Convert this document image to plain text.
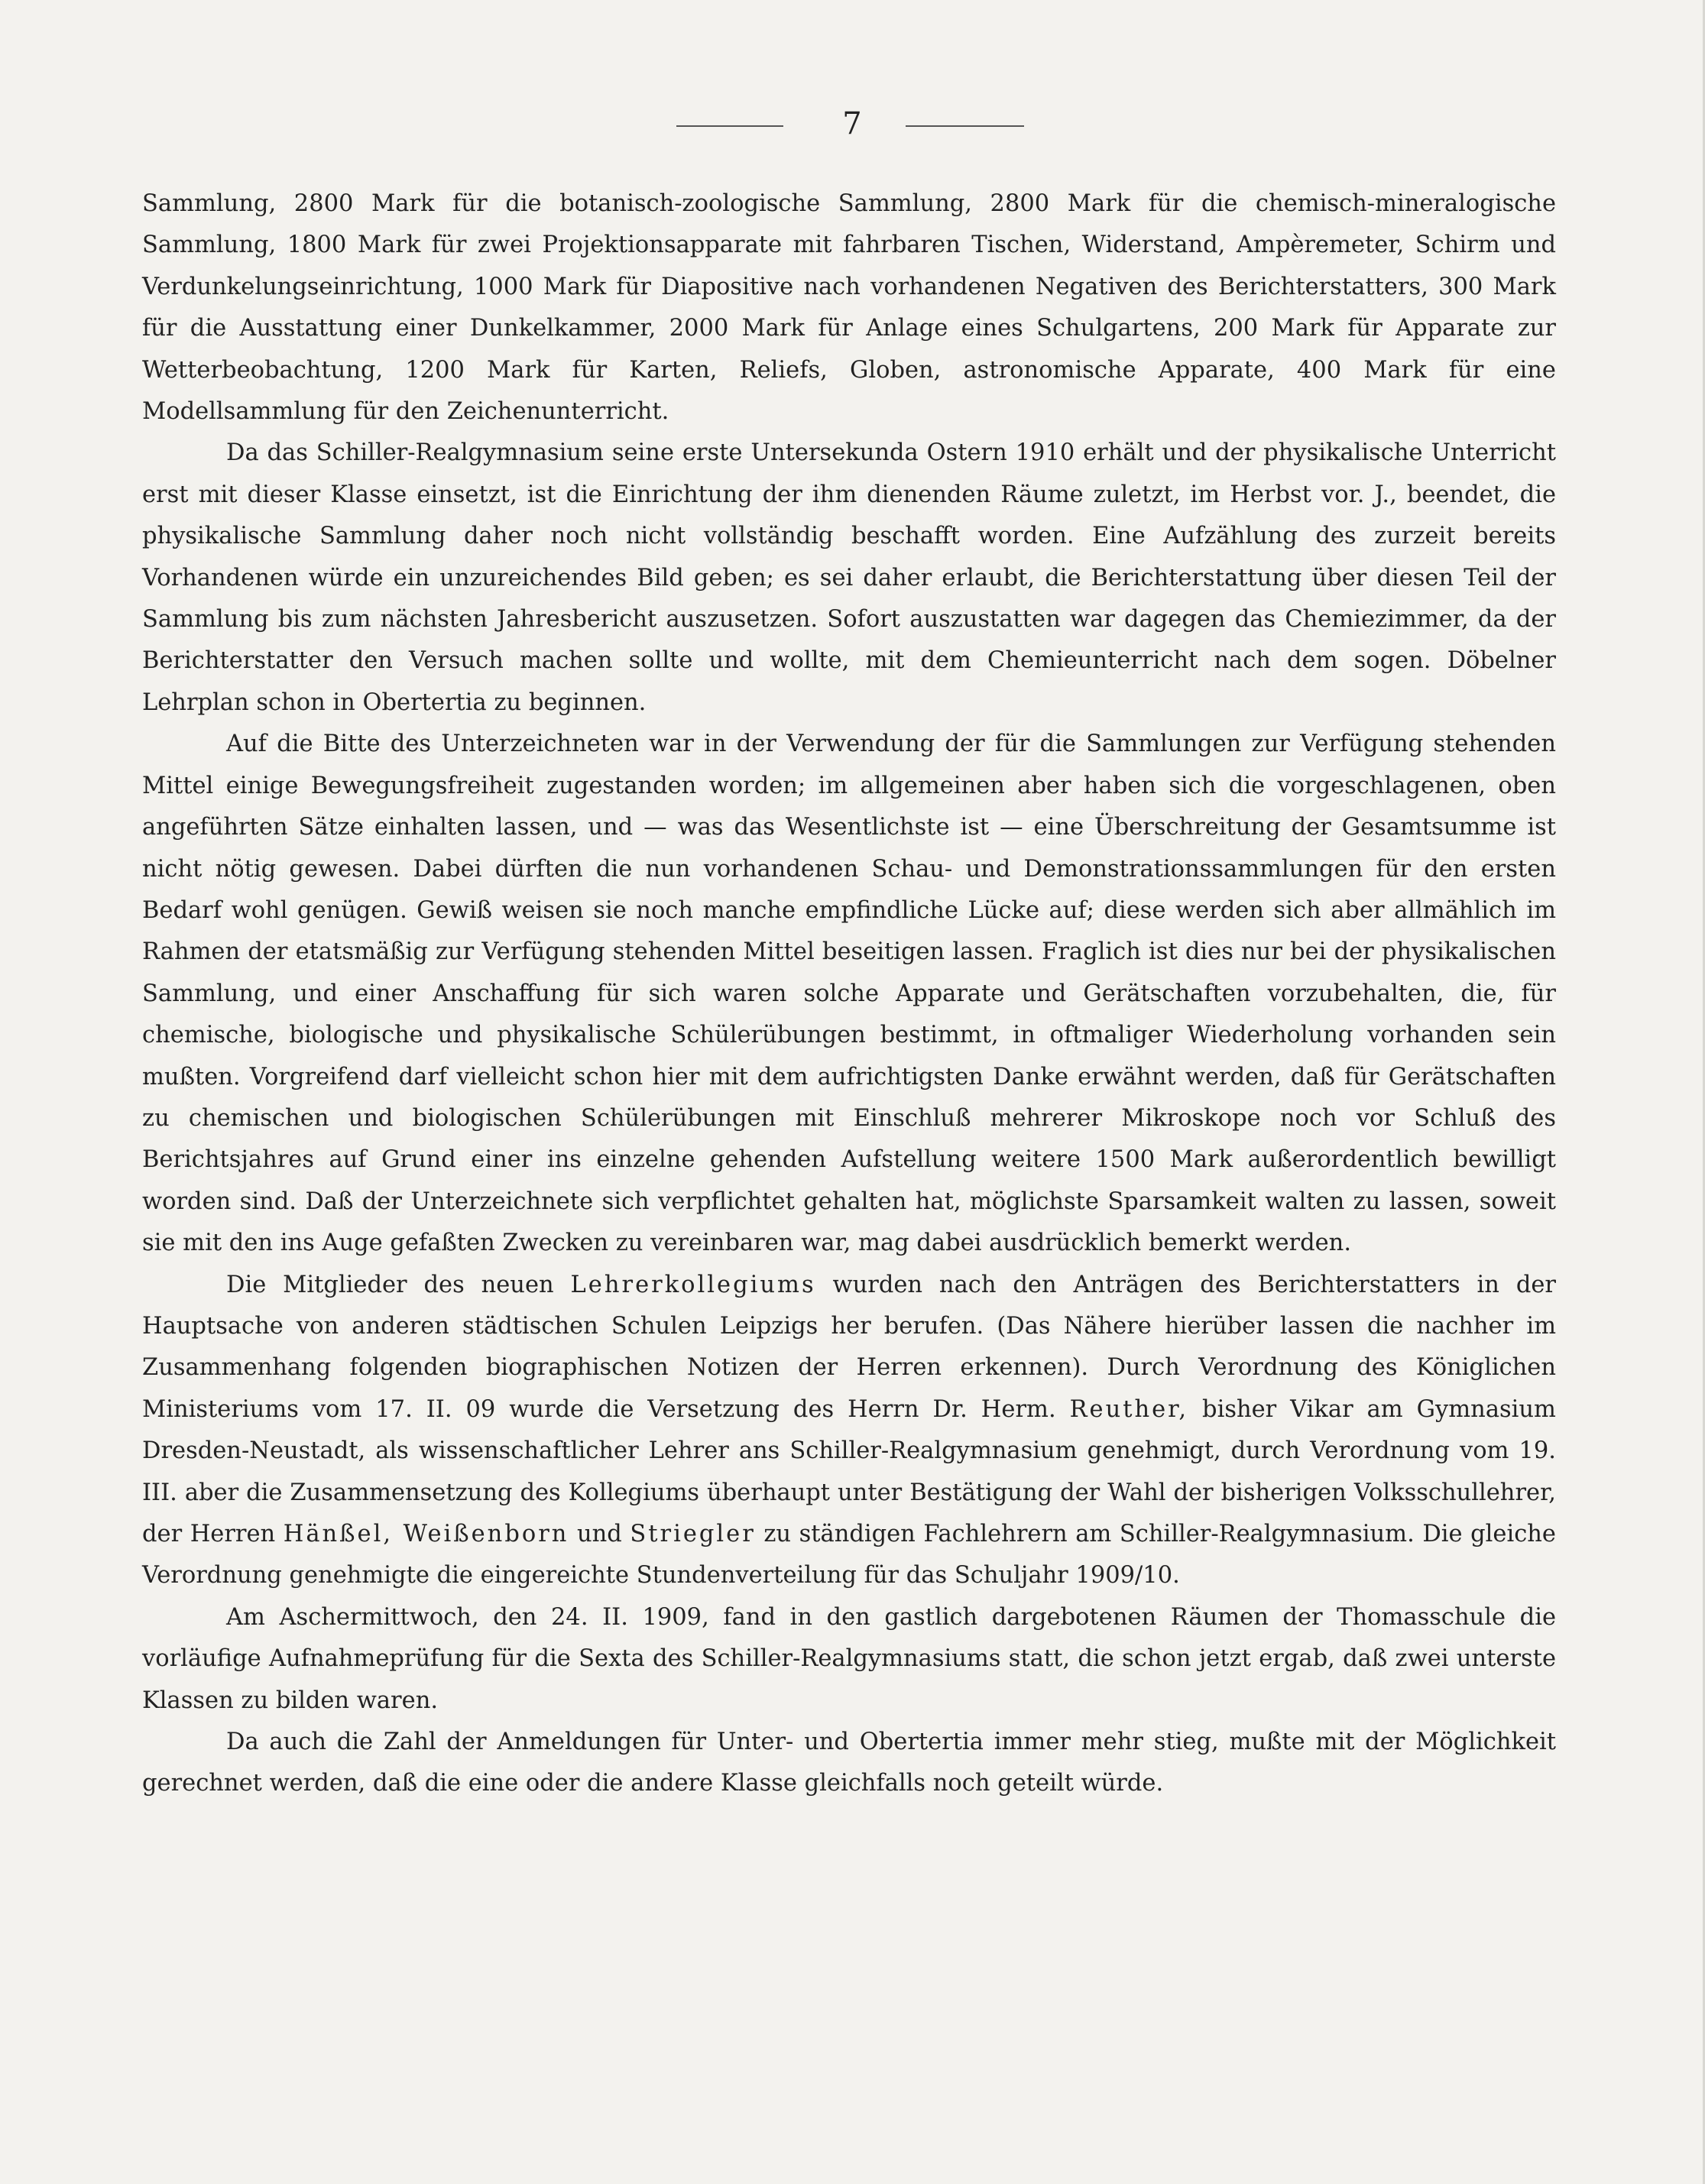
7

Sammlung, 2800 Mark für die botanisch-zoologische Sammlung, 2800 Mark für die chemisch-mineralogische Sammlung, 1800 Mark für zwei Projektionsapparate mit fahrbaren Tischen, Widerstand, Ampèremeter, Schirm und Verdunkelungseinrichtung, 1000 Mark für Diapositive nach vorhandenen Negativen des Berichterstatters, 300 Mark für die Ausstattung einer Dunkelkammer, 2000 Mark für Anlage eines Schulgartens, 200 Mark für Apparate zur Wetterbeobachtung, 1200 Mark für Karten, Reliefs, Globen, astronomische Apparate, 400 Mark für eine Modellsammlung für den Zeichenunterricht.

Da das Schiller-Realgymnasium seine erste Untersekunda Ostern 1910 erhält und der physikalische Unterricht erst mit dieser Klasse einsetzt, ist die Einrichtung der ihm dienenden Räume zuletzt, im Herbst vor. J., beendet, die physikalische Sammlung daher noch nicht vollständig beschafft worden. Eine Aufzählung des zurzeit bereits Vorhandenen würde ein unzureichendes Bild geben; es sei daher erlaubt, die Berichterstattung über diesen Teil der Sammlung bis zum nächsten Jahresbericht auszusetzen. Sofort auszustatten war dagegen das Chemiezimmer, da der Berichterstatter den Versuch machen sollte und wollte, mit dem Chemieunterricht nach dem sogen. Döbelner Lehrplan schon in Obertertia zu beginnen.

Auf die Bitte des Unterzeichneten war in der Verwendung der für die Sammlungen zur Verfügung stehenden Mittel einige Bewegungsfreiheit zugestanden worden; im allgemeinen aber haben sich die vorgeschlagenen, oben angeführten Sätze einhalten lassen, und — was das Wesentlichste ist — eine Überschreitung der Gesamtsumme ist nicht nötig gewesen. Dabei dürften die nun vorhandenen Schau- und Demonstrationssammlungen für den ersten Bedarf wohl genügen. Gewiß weisen sie noch manche empfindliche Lücke auf; diese werden sich aber allmählich im Rahmen der etatsmäßig zur Verfügung stehenden Mittel beseitigen lassen. Fraglich ist dies nur bei der physikalischen Sammlung, und einer Anschaffung für sich waren solche Apparate und Gerätschaften vorzubehalten, die, für chemische, biologische und physikalische Schülerübungen bestimmt, in oftmaliger Wiederholung vorhanden sein mußten. Vorgreifend darf vielleicht schon hier mit dem aufrichtigsten Danke erwähnt werden, daß für Gerätschaften zu chemischen und biologischen Schülerübungen mit Einschluß mehrerer Mikroskope noch vor Schluß des Berichtsjahres auf Grund einer ins einzelne gehenden Aufstellung weitere 1500 Mark außerordentlich bewilligt worden sind. Daß der Unterzeichnete sich verpflichtet gehalten hat, möglichste Sparsamkeit walten zu lassen, soweit sie mit den ins Auge gefaßten Zwecken zu vereinbaren war, mag dabei ausdrücklich bemerkt werden.

Die Mitglieder des neuen Lehrerkollegiums wurden nach den Anträgen des Berichterstatters in der Hauptsache von anderen städtischen Schulen Leipzigs her berufen. (Das Nähere hierüber lassen die nachher im Zusammenhang folgenden biographischen Notizen der Herren erkennen). Durch Verordnung des Königlichen Ministeriums vom 17. II. 09 wurde die Versetzung des Herrn Dr. Herm. Reuther, bisher Vikar am Gymnasium Dresden-Neustadt, als wissenschaftlicher Lehrer ans Schiller-Realgymnasium genehmigt, durch Verordnung vom 19. III. aber die Zusammensetzung des Kollegiums überhaupt unter Bestätigung der Wahl der bisherigen Volksschullehrer, der Herren Hänßel, Weißenborn und Striegler zu ständigen Fachlehrern am Schiller-Realgymnasium. Die gleiche Verordnung genehmigte die eingereichte Stundenverteilung für das Schuljahr 1909/10.

Am Aschermittwoch, den 24. II. 1909, fand in den gastlich dargebotenen Räumen der Thomasschule die vorläufige Aufnahmeprüfung für die Sexta des Schiller-Realgymnasiums statt, die schon jetzt ergab, daß zwei unterste Klassen zu bilden waren.

Da auch die Zahl der Anmeldungen für Unter- und Obertertia immer mehr stieg, mußte mit der Möglichkeit gerechnet werden, daß die eine oder die andere Klasse gleichfalls noch geteilt würde.
